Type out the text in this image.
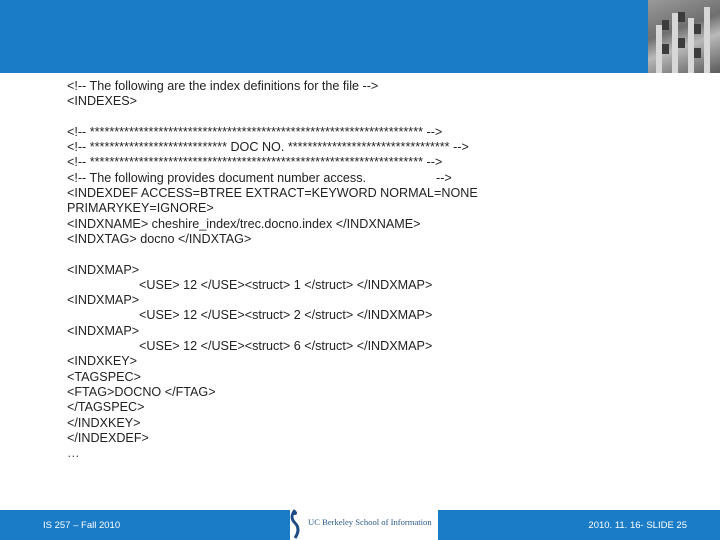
<!-- The following are the index definitions for the file -->
<INDEXES>
<!-- ******************************************************************** -->
<!-- **************************** DOC NO. ********************************* -->
<!-- ******************************************************************** -->
<!-- The following provides document number access.                    -->
<INDEXDEF ACCESS=BTREE EXTRACT=KEYWORD NORMAL=NONE
PRIMARYKEY=IGNORE>
<INDXNAME> cheshire_index/trec.docno.index </INDXNAME>
<INDXTAG> docno </INDXTAG>
<INDXMAP>
<USE> 12 </USE><struct> 1 </struct> </INDXMAP>
<INDXMAP>
<USE> 12 </USE><struct> 2 </struct> </INDXMAP>
<INDXMAP>
<USE> 12 </USE><struct> 6 </struct> </INDXMAP>
<INDXKEY>
<TAGSPEC>
<FTAG>DOCNO </FTAG>
</TAGSPEC>
</INDXKEY>
</INDEXDEF>
…
UC Berkeley School of Information
IS 257 – Fall 2010	2010. 11. 16- SLIDE 25
